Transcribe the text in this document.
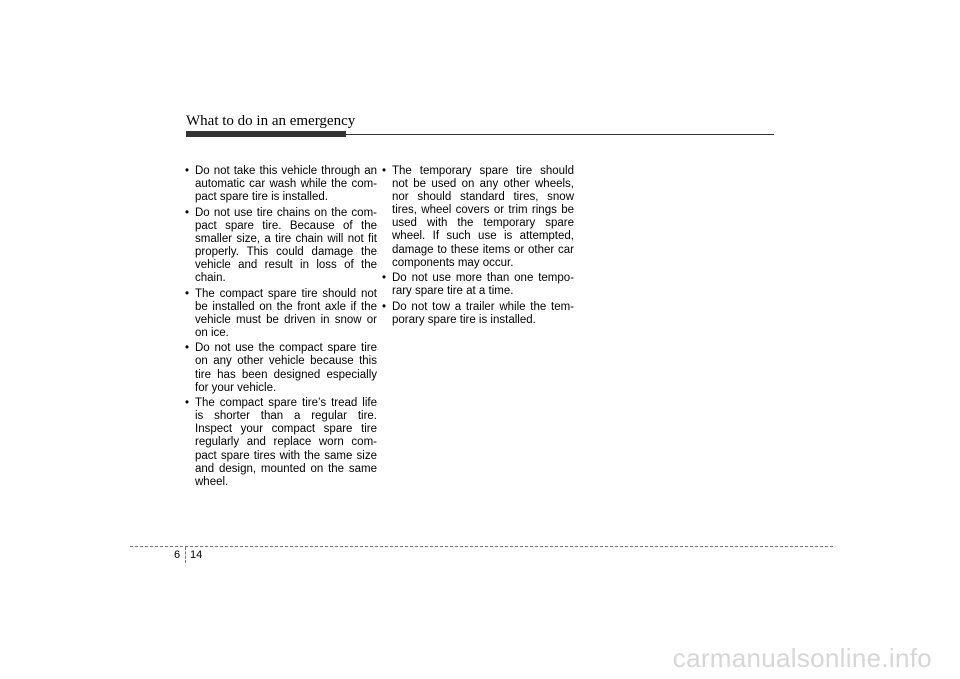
What to do in an emergency
• Do not take this vehicle through an automatic car wash while the com-pact spare tire is installed.
• Do not use tire chains on the com-pact spare tire. Because of the smaller size, a tire chain will not fit properly. This could damage the vehicle and result in loss of the chain.
• The compact spare tire should not be installed on the front axle if the vehicle must be driven in snow or on ice.
• Do not use the compact spare tire on any other vehicle because this tire has been designed especially for your vehicle.
• The compact spare tire’s tread life is shorter than a regular tire. Inspect your compact spare tire regularly and replace worn com-pact spare tires with the same size and design, mounted on the same wheel.
• The temporary spare tire should not be used on any other wheels, nor should standard tires, snow tires, wheel covers or trim rings be used with the temporary spare wheel. If such use is attempted, damage to these items or other car components may occur.
• Do not use more than one tempo-rary spare tire at a time.
• Do not tow a trailer while the tem-porary spare tire is installed.
6 14
carmanualsonline.info
